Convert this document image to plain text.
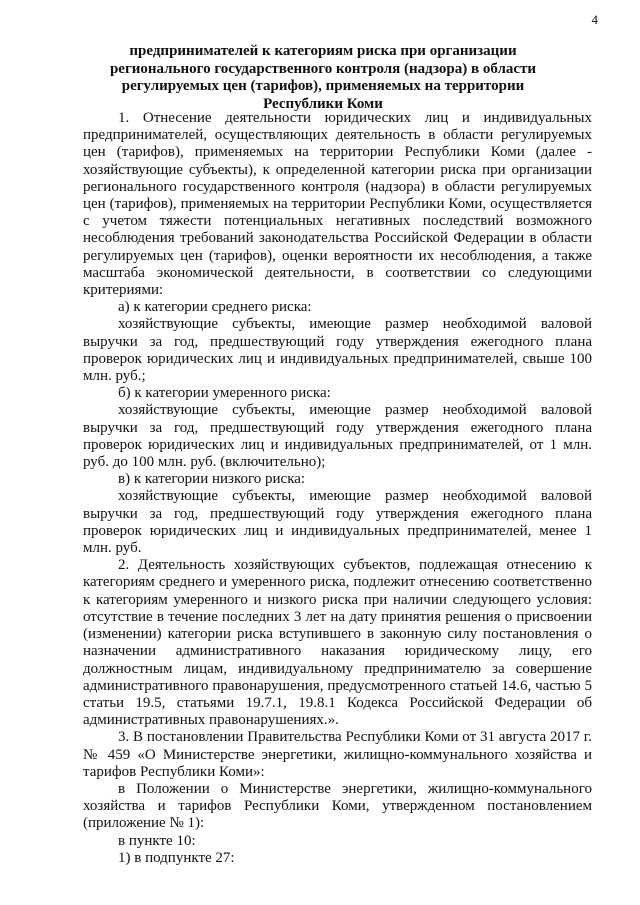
4
предпринимателей к категориям риска при организации регионального государственного контроля (надзора) в области регулируемых цен (тарифов), применяемых на территории Республики Коми

1. Отнесение деятельности юридических лиц и индивидуальных предпринимателей, осуществляющих деятельность в области регулируемых цен (тарифов), применяемых на территории Республики Коми (далее - хозяйствующие субъекты), к определенной категории риска при организации регионального государственного контроля (надзора) в области регулируемых цен (тарифов), применяемых на территории Республики Коми, осуществляется с учетом тяжести потенциальных негативных последствий возможного несоблюдения требований законодательства Российской Федерации в области регулируемых цен (тарифов), оценки вероятности их несоблюдения, а также масштаба экономической деятельности, в соответствии со следующими критериями:

а) к категории среднего риска:

хозяйствующие субъекты, имеющие размер необходимой валовой выручки за год, предшествующий году утверждения ежегодного плана проверок юридических лиц и индивидуальных предпринимателей, свыше 100 млн. руб.;

б) к категории умеренного риска:

хозяйствующие субъекты, имеющие размер необходимой валовой выручки за год, предшествующий году утверждения ежегодного плана проверок юридических лиц и индивидуальных предпринимателей, от 1 млн. руб. до 100 млн. руб. (включительно);

в) к категории низкого риска:

хозяйствующие субъекты, имеющие размер необходимой валовой выручки за год, предшествующий году утверждения ежегодного плана проверок юридических лиц и индивидуальных предпринимателей, менее 1 млн. руб.

2. Деятельность хозяйствующих субъектов, подлежащая отнесению к категориям среднего и умеренного риска, подлежит отнесению соответственно к категориям умеренного и низкого риска при наличии следующего условия: отсутствие в течение последних 3 лет на дату принятия решения о присвоении (изменении) категории риска вступившего в законную силу постановления о назначении административного наказания юридическому лицу, его должностным лицам, индивидуальному предпринимателю за совершение административного правонарушения, предусмотренного статьей 14.6, частью 5 статьи 19.5, статьями 19.7.1, 19.8.1 Кодекса Российской Федерации об административных правонарушениях.».

3. В постановлении Правительства Республики Коми от 31 августа 2017 г. № 459 «О Министерстве энергетики, жилищно-коммунального хозяйства и тарифов Республики Коми»:

в Положении о Министерстве энергетики, жилищно-коммунального хозяйства и тарифов Республики Коми, утвержденном постановлением (приложение № 1):

в пункте 10:

1) в подпункте 27:
